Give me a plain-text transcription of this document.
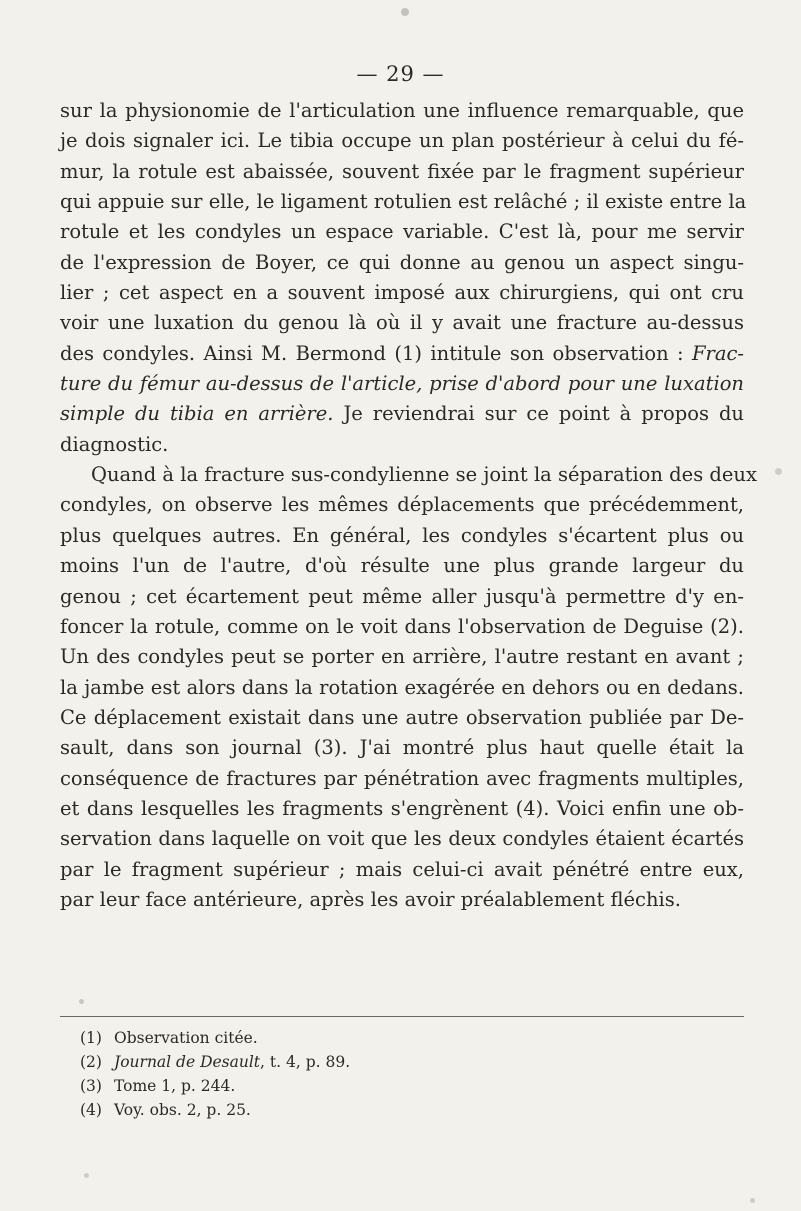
— 29 —
sur la physionomie de l'articulation une influence remarquable, que
je dois signaler ici. Le tibia occupe un plan postérieur à celui du fé-
mur, la rotule est abaissée, souvent fixée par le fragment supérieur
qui appuie sur elle, le ligament rotulien est relâché ; il existe entre la
rotule et les condyles un espace variable. C'est là, pour me servir
de l'expression de Boyer, ce qui donne au genou un aspect singu-
lier ; cet aspect en a souvent imposé aux chirurgiens, qui ont cru
voir une luxation du genou là où il y avait une fracture au-dessus
des condyles. Ainsi M. Bermond (1) intitule son observation : Frac-
ture du fémur au-dessus de l'article, prise d'abord pour une luxation
simple du tibia en arrière. Je reviendrai sur ce point à propos du
diagnostic.
Quand à la fracture sus-condylienne se joint la séparation des deux
condyles, on observe les mêmes déplacements que précédemment,
plus quelques autres. En général, les condyles s'écartent plus ou
moins l'un de l'autre, d'où résulte une plus grande largeur du
genou ; cet écartement peut même aller jusqu'à permettre d'y en-
foncer la rotule, comme on le voit dans l'observation de Deguise (2).
Un des condyles peut se porter en arrière, l'autre restant en avant ;
la jambe est alors dans la rotation exagérée en dehors ou en dedans.
Ce déplacement existait dans une autre observation publiée par De-
sault, dans son journal (3). J'ai montré plus haut quelle était la
conséquence de fractures par pénétration avec fragments multiples,
et dans lesquelles les fragments s'engrènent (4). Voici enfin une ob-
servation dans laquelle on voit que les deux condyles étaient écartés
par le fragment supérieur ; mais celui-ci avait pénétré entre eux,
par leur face antérieure, après les avoir préalablement fléchis.
(1) Observation citée.
(2) Journal de Desault, t. 4, p. 89.
(3) Tome 1, p. 244.
(4) Voy. obs. 2, p. 25.
